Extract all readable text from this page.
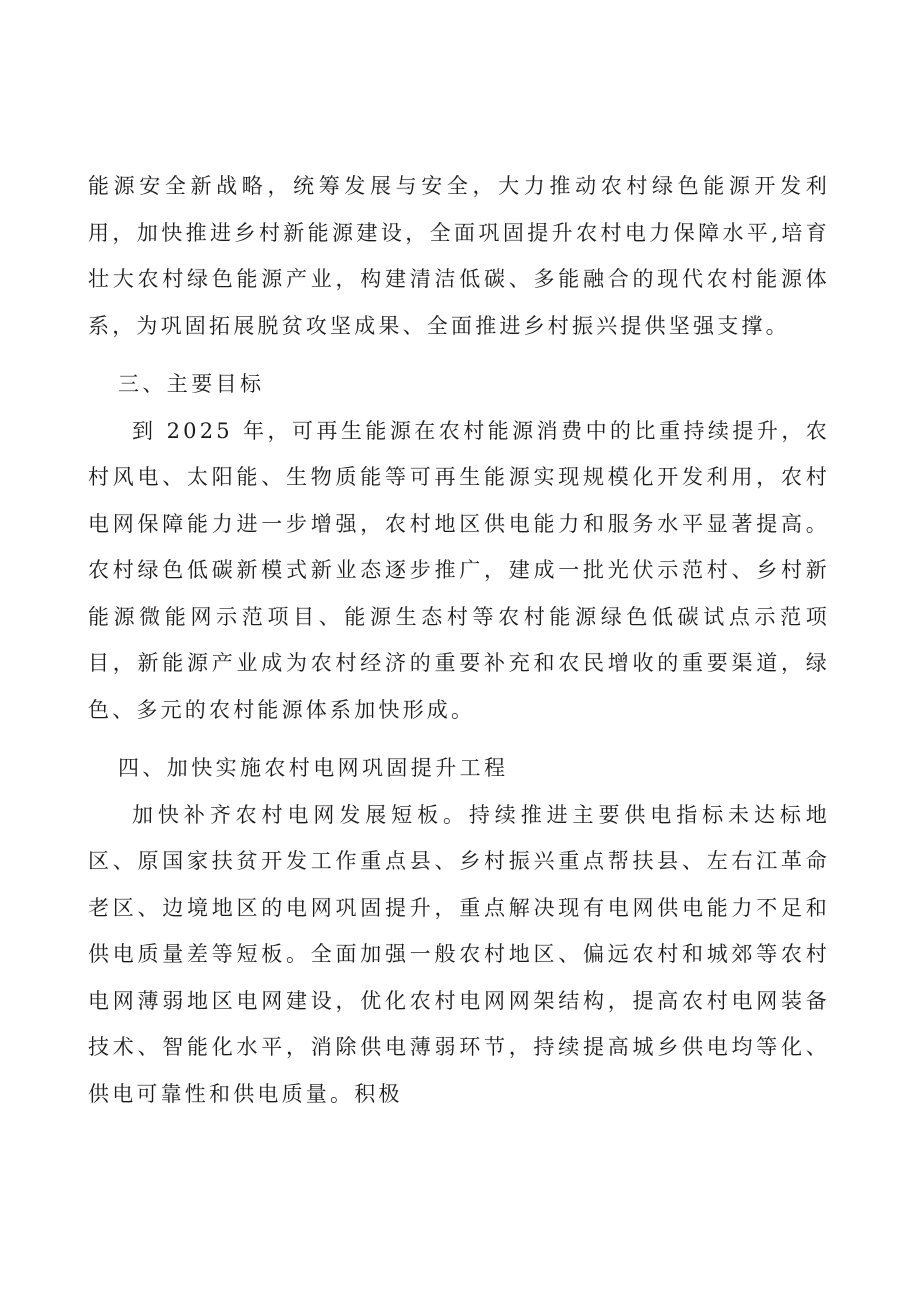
能源安全新战略，统筹发展与安全，大力推动农村绿色能源开发利用，加快推进乡村新能源建设，全面巩固提升农村电力保障水平,培育壮大农村绿色能源产业，构建清洁低碳、多能融合的现代农村能源体系，为巩固拓展脱贫攻坚成果、全面推进乡村振兴提供坚强支撑。

三、主要目标

到 2025 年，可再生能源在农村能源消费中的比重持续提升，农村风电、太阳能、生物质能等可再生能源实现规模化开发利用，农村电网保障能力进一步增强，农村地区供电能力和服务水平显著提高。农村绿色低碳新模式新业态逐步推广，建成一批光伏示范村、乡村新能源微能网示范项目、能源生态村等农村能源绿色低碳试点示范项目，新能源产业成为农村经济的重要补充和农民增收的重要渠道，绿色、多元的农村能源体系加快形成。

四、加快实施农村电网巩固提升工程

加快补齐农村电网发展短板。持续推进主要供电指标未达标地区、原国家扶贫开发工作重点县、乡村振兴重点帮扶县、左右江革命老区、边境地区的电网巩固提升，重点解决现有电网供电能力不足和供电质量差等短板。全面加强一般农村地区、偏远农村和城郊等农村电网薄弱地区电网建设，优化农村电网网架结构，提高农村电网装备技术、智能化水平，消除供电薄弱环节，持续提高城乡供电均等化、供电可靠性和供电质量。积极
